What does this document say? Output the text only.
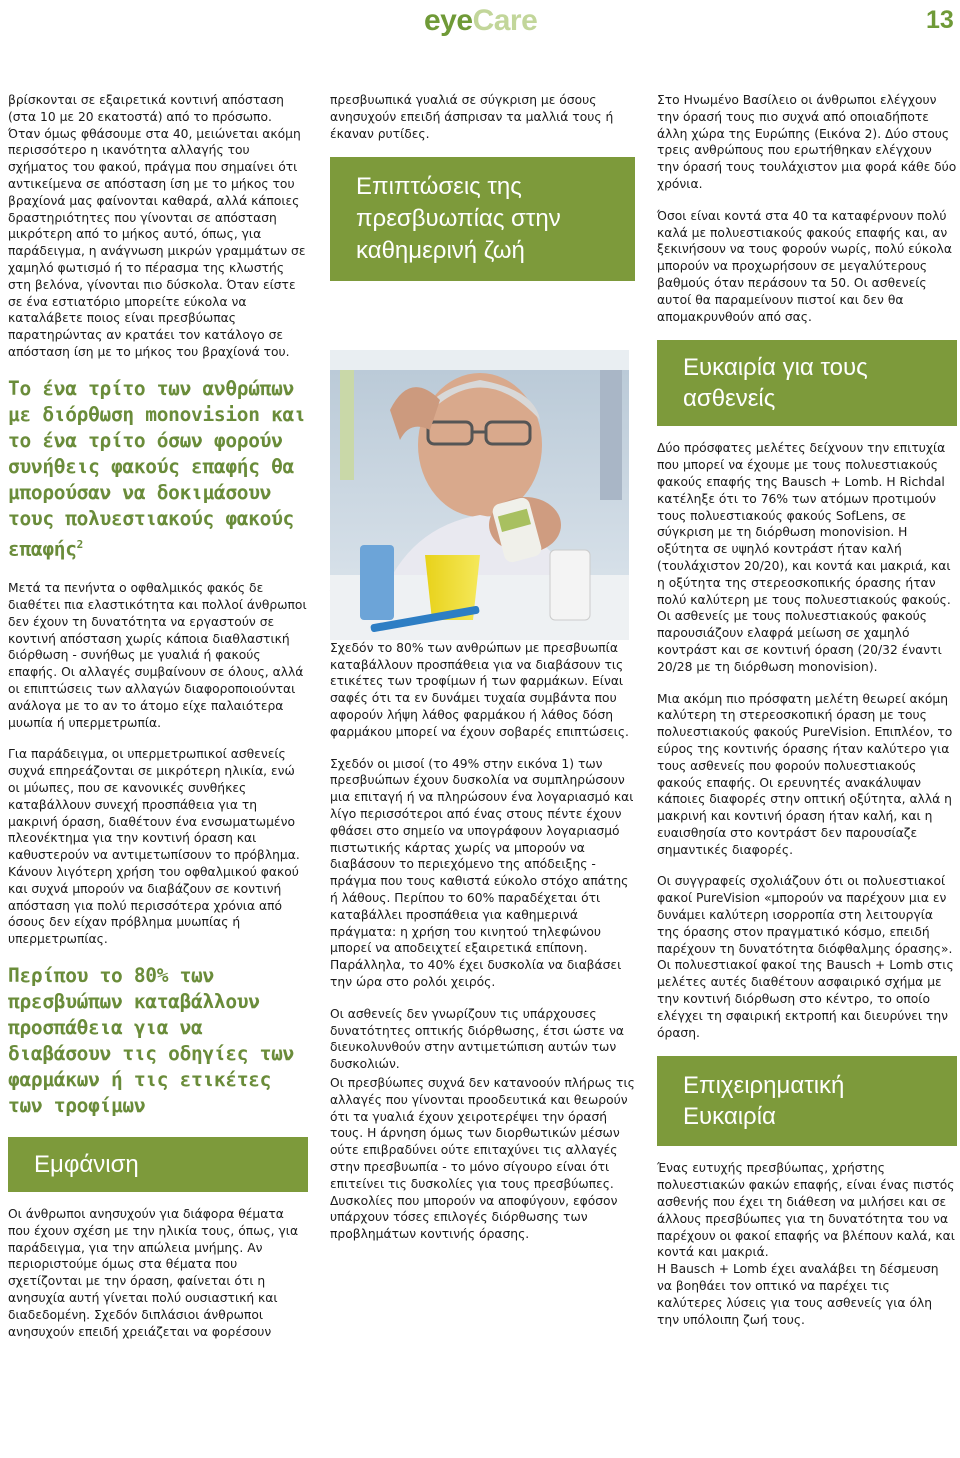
eyeCare	13

βρίσκονται σε εξαιρετικά κοντινή απόσταση (στα 10 με 20 εκατοστά) από το πρόσωπο. Όταν όμως φθάσουμε στα 40, μειώνεται ακόμη περισσότερο η ικανότητα αλλαγής του σχήματος του φακού, πράγμα που σημαίνει ότι αντικείμενα σε απόσταση ίση με το μήκος του βραχίονά μας φαίνονται καθαρά, αλλά κάποιες δραστηριότητες που γίνονται σε απόσταση μικρότερη από το μήκος αυτό, όπως, για παράδειγμα, η ανάγνωση μικρών γραμμάτων σε χαμηλό φωτισμό ή το πέρασμα της κλωστής στη βελόνα, γίνονται πιο δύσκολα. Όταν είστε σε ένα εστιατόριο μπορείτε εύκολα να καταλάβετε ποιος είναι πρεσβύωπας παρατηρώντας αν κρατάει τον κατάλογο σε απόσταση ίση με το μήκος του βραχίονά του.

Το ένα τρίτο των ανθρώπων με διόρθωση monovision και το ένα τρίτο όσων φορούν συνήθεις φακούς επαφής θα μπορούσαν να δοκιμάσουν τους πολυεστιακούς φακούς επαφής$^2$

Μετά τα πενήντα ο οφθαλμικός φακός δε διαθέτει πια ελαστικότητα και πολλοί άνθρωποι δεν έχουν τη δυνατότητα να εργαστούν σε κοντινή απόσταση χωρίς κάποια διαθλαστική διόρθωση - συνήθως με γυαλιά ή φακούς επαφής. Οι αλλαγές συμβαίνουν σε όλους, αλλά οι επιπτώσεις των αλλαγών διαφοροποιούνται ανάλογα με το αν το άτομο είχε παλαιότερα μυωπία ή υπερμετρωπία.

Για παράδειγμα, οι υπερμετρωπικοί ασθενείς συχνά επηρεάζονται σε μικρότερη ηλικία, ενώ οι μύωπες, που σε κανονικές συνθήκες καταβάλλουν συνεχή προσπάθεια για τη μακρινή όραση, διαθέτουν ένα ενσωματωμένο πλεονέκτημα για την κοντινή όραση και καθυστερούν να αντιμετωπίσουν το πρόβλημα. Κάνουν λιγότερη χρήση του οφθαλμικού φακού και συχνά μπορούν να διαβάζουν σε κοντινή απόσταση για πολύ περισσότερα χρόνια από όσους δεν είχαν πρόβλημα μυωπίας ή υπερμετρωπίας.

Περίπου το 80% των πρεσβυώπων καταβάλλουν προσπάθεια για να διαβάσουν τις οδηγίες των φαρμάκων ή τις ετικέτες των τροφίμων
Εμφάνιση

Οι άνθρωποι ανησυχούν για διάφορα θέματα που έχουν σχέση με την ηλικία τους, όπως, για παράδειγμα, για την απώλεια μνήμης. Αν περιοριστούμε όμως στα θέματα που σχετίζονται με την όραση, φαίνεται ότι η ανησυχία αυτή γίνεται πολύ ουσιαστική και διαδεδομένη. Σχεδόν διπλάσιοι άνθρωποι ανησυχούν επειδή χρειάζεται να φορέσουν

πρεσβυωπικά γυαλιά σε σύγκριση με όσους ανησυχούν επειδή άσπρισαν τα μαλλιά τους ή έκαναν ρυτίδες.

Επιπτώσεις της πρεσβυωπίας στην καθημερινή ζωή

Σχεδόν το 80% των ανθρώπων με πρεσβυωπία καταβάλλουν προσπάθεια για να διαβάσουν τις ετικέτες των τροφίμων ή των φαρμάκων. Είναι σαφές ότι τα εν δυνάμει τυχαία συμβάντα που αφορούν λήψη λάθος φαρμάκου ή λάθος δόση φαρμάκου μπορεί να έχουν σοβαρές επιπτώσεις.

Σχεδόν οι μισοί (το 49% στην εικόνα 1) των πρεσβυώπων έχουν δυσκολία να συμπληρώσουν μια επιταγή ή να πληρώσουν ένα λογαριασμό και λίγο περισσότεροι από ένας στους πέντε έχουν φθάσει στο σημείο να υπογράφουν λογαριασμό πιστωτικής κάρτας χωρίς να μπορούν να διαβάσουν το περιεχόμενο της απόδειξης - πράγμα που τους καθιστά εύκολο στόχο απάτης ή λάθους. Περίπου το 60% παραδέχεται ότι καταβάλλει προσπάθεια για καθημερινά πράγματα: η χρήση του κινητού τηλεφώνου μπορεί να αποδειχτεί εξαιρετικά επίπονη. Παράλληλα, το 40% έχει δυσκολία να διαβάσει την ώρα στο ρολόι χειρός.

Οι ασθενείς δεν γνωρίζουν τις υπάρχουσες δυνατότητες οπτικής διόρθωσης, έτσι ώστε να διευκολυνθούν στην αντιμετώπιση αυτών των δυσκολιών.

Οι πρεσβύωπες συχνά δεν κατανοούν πλήρως τις αλλαγές που γίνονται προοδευτικά και θεωρούν ότι τα γυαλιά έχουν χειροτερέψει την όρασή τους. Η άρνηση όμως των διορθωτικών μέσων ούτε επιβραδύνει ούτε επιταχύνει τις αλλαγές στην πρεσβυωπία - το μόνο σίγουρο είναι ότι επιτείνει τις δυσκολίες για τους πρεσβύωπες. Δυσκολίες που μπορούν να αποφύγουν, εφόσον υπάρχουν τόσες επιλογές διόρθωσης των προβλημάτων κοντινής όρασης.

Στο Ηνωμένο Βασίλειο οι άνθρωποι ελέγχουν την όρασή τους πιο συχνά από οποιαδήποτε άλλη χώρα της Ευρώπης (Εικόνα 2). Δύο στους τρεις ανθρώπους που ερωτήθηκαν ελέγχουν την όρασή τους τουλάχιστον μια φορά κάθε δύο χρόνια.

Όσοι είναι κοντά στα 40 τα καταφέρνουν πολύ καλά με πολυεστιακούς φακούς επαφής και, αν ξεκινήσουν να τους φορούν νωρίς, πολύ εύκολα μπορούν να προχωρήσουν σε μεγαλύτερους βαθμούς όταν περάσουν τα 50. Οι ασθενείς αυτοί θα παραμείνουν πιστοί και δεν θα απομακρυνθούν από σας.

Ευκαιρία για τους ασθενείς

Δύο πρόσφατες μελέτες δείχνουν την επιτυχία που μπορεί να έχουμε με τους πολυεστιακούς φακούς επαφής της Bausch + Lomb. Η Richdal κατέληξε ότι το 76% των ατόμων προτιμούν τους πολυεστιακούς φακούς SofLens, σε σύγκριση με τη διόρθωση monovision. Η οξύτητα σε υψηλό κοντράστ ήταν καλή (τουλάχιστον 20/20), και κοντά και μακριά, και η οξύτητα της στερεοσκοπικής όρασης ήταν πολύ καλύτερη με τους πολυεστιακούς φακούς. Οι ασθενείς με τους πολυεστιακούς φακούς παρουσιάζουν ελαφρά μείωση σε χαμηλό κοντράστ και σε κοντινή όραση (20/32 έναντι 20/28 με τη διόρθωση monovision).

Μια ακόμη πιο πρόσφατη μελέτη θεωρεί ακόμη καλύτερη τη στερεοσκοπική όραση με τους πολυεστιακούς φακούς PureVision. Επιπλέον, το εύρος της κοντινής όρασης ήταν καλύτερο για τους ασθενείς που φορούν πολυεστιακούς φακούς επαφής. Οι ερευνητές ανακάλυψαν κάποιες διαφορές στην οπτική οξύτητα, αλλά η μακρινή και κοντινή όραση ήταν καλή, και η ευαισθησία στο κοντράστ δεν παρουσίαζε σημαντικές διαφορές.

Οι συγγραφείς σχολιάζουν ότι οι πολυεστιακοί φακοί PureVision «μπορούν να παρέχουν μια εν δυνάμει καλύτερη ισορροπία στη λειτουργία της όρασης στον πραγματικό κόσμο, επειδή παρέχουν τη δυνατότητα διόφθαλμης όρασης». Οι πολυεστιακοί φακοί της Bausch + Lomb στις μελέτες αυτές διαθέτουν ασφαιρικό σχήμα με την κοντινή διόρθωση στο κέντρο, το οποίο ελέγχει τη σφαιρική εκτροπή και διευρύνει την όραση.

Επιχειρηματική Ευκαιρία

Ένας ευτυχής πρεσβύωπας, χρήστης πολυεστιακών φακών επαφής, είναι ένας πιστός ασθενής που έχει τη διάθεση να μιλήσει και σε άλλους πρεσβύωπες για τη δυνατότητα του να παρέχουν οι φακοί επαφής να βλέπουν καλά, και κοντά και μακριά.

Η Bausch + Lomb έχει αναλάβει τη δέσμευση να βοηθάει τον οπτικό να παρέχει τις καλύτερες λύσεις για τους ασθενείς για όλη την υπόλοιπη ζωή τους.
